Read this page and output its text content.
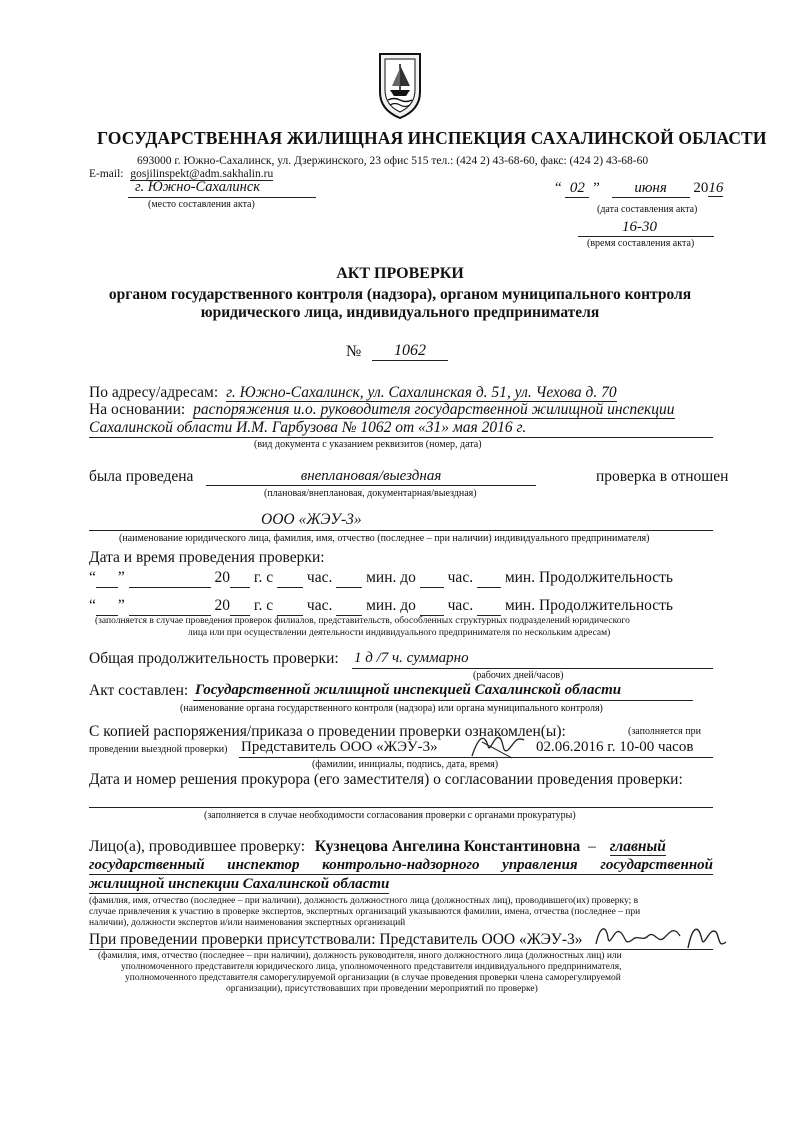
ГОСУДАРСТВЕННАЯ ЖИЛИЩНАЯ ИНСПЕКЦИЯ САХАЛИНСКОЙ ОБЛАСТИ
693000 г. Южно-Сахалинск, ул. Дзержинского, 23 офис 515 тел.: (424 2) 43-68-60, факс: (424 2) 43-68-60
E-mail: gosjilinspekt@adm.sakhalin.ru
г. Южно-Сахалинск
(место составления акта)
“ 02 ” июня 2016
(дата составления акта)
16-30
(время составления акта)
АКТ ПРОВЕРКИ
органом государственного контроля (надзора), органом муниципального контроля
юридического лица, индивидуального предпринимателя
№	1062
По адресу/адресам: г. Южно-Сахалинск, ул. Сахалинская д. 51, ул. Чехова д. 70
На основании: распоряжения и.о. руководителя государственной жилищной инспекции
Сахалинской области И.М. Гарбузова № 1062 от «31» мая 2016 г.
(вид документа с указанием реквизитов (номер, дата)
была проведена	внеплановая/выездная	проверка в отношен
(плановая/внеплановая, документарная/выездная)
ООО «ЖЭУ-3»
(наименование юридического лица, фамилия, имя, отчество (последнее – при наличии) индивидуального предпринимателя)
Дата и время проведения проверки:
“ ”	20 г. с час. мин. до час. мин. Продолжительность
“ ”	20 г. с час. мин. до час. мин. Продолжительность
(заполняется в случае проведения проверок филиалов, представительств, обособленных структурных подразделений юридического
лица или при осуществлении деятельности индивидуального предпринимателя по нескольким адресам)
Общая продолжительность проверки: 1 д /7 ч. суммарно
(рабочих дней/часов)
Акт составлен: Государственной жилищной инспекцией Сахалинской области
(наименование органа государственного контроля (надзора) или органа муниципального контроля)
С копией распоряжения/приказа о проведении проверки ознакомлен(ы):	(заполняется при
проведении выездной проверки) Представитель ООО «ЖЭУ-3»	02.06.2016 г. 10-00 часов
(фамилии, инициалы, подпись, дата, время)
Дата и номер решения прокурора (его заместителя) о согласовании проведения проверки:
(заполняется в случае необходимости согласования проверки с органами прокуратуры)
Лицо(а), проводившее проверку: Кузнецова Ангелина Константиновна – главный
государственный инспектор контрольно-надзорного управления государственной
жилищной инспекции Сахалинской области
(фамилия, имя, отчество (последнее – при наличии), должность должностного лица (должностных лиц), проводившего(их) проверку; в
случае привлечения к участию в проверке экспертов, экспертных организаций указываются фамилии, имена, отчества (последнее – при
наличии), должности экспертов и/или наименования экспертных организаций
При проведении проверки присутствовали: Представитель ООО «ЖЭУ-3»
(фамилия, имя, отчество (последнее – при наличии), должность руководителя, иного должностного лица (должностных лиц) или
уполномоченного представителя юридического лица, уполномоченного представителя индивидуального предпринимателя,
уполномоченного представителя саморегулируемой организации (в случае проведения проверки члена саморегулируемой
организации), присутствовавших при проведении мероприятий по проверке)
